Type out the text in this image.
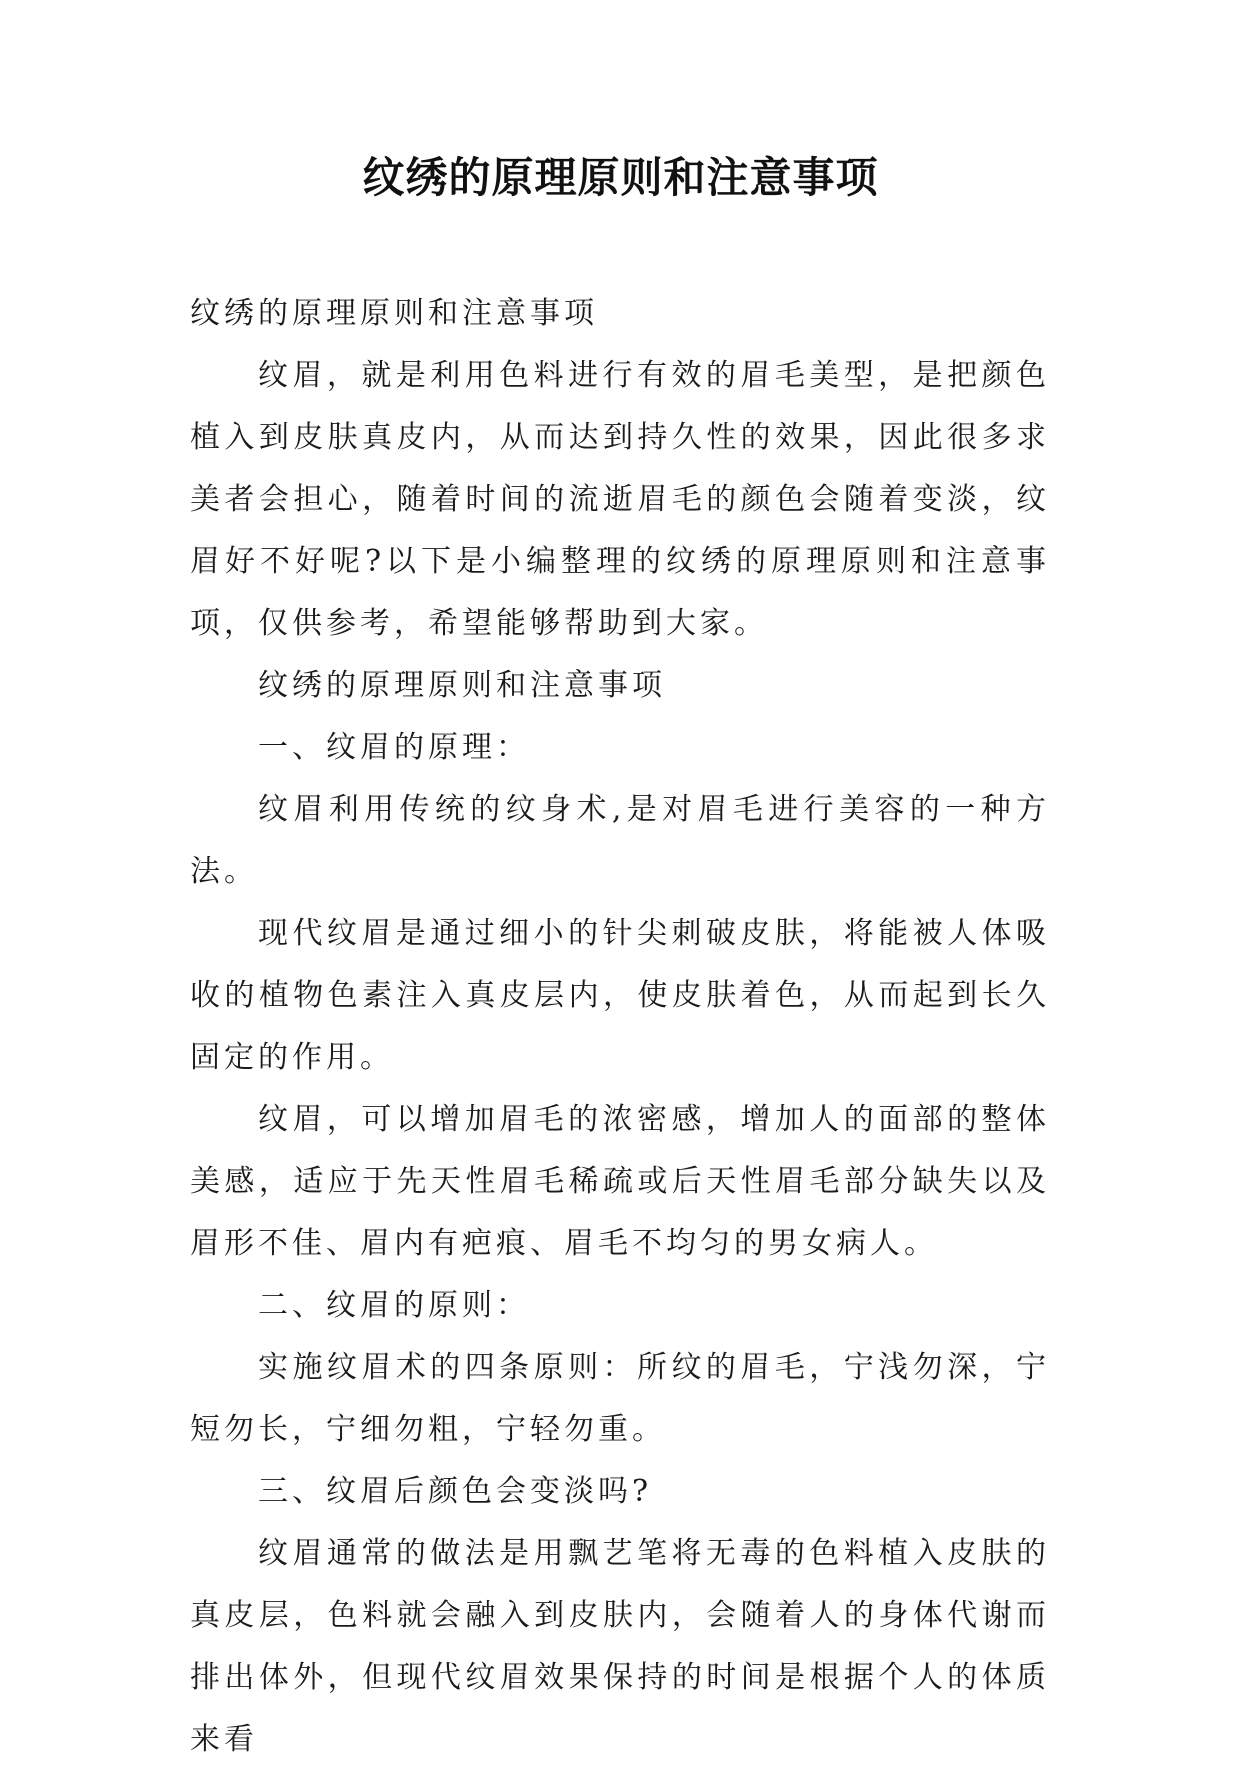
纹绣的原理原则和注意事项

纹绣的原理原则和注意事项

纹眉，就是利用色料进行有效的眉毛美型，是把颜色植入到皮肤真皮内，从而达到持久性的效果，因此很多求美者会担心，随着时间的流逝眉毛的颜色会随着变淡，纹眉好不好呢?以下是小编整理的纹绣的原理原则和注意事项，仅供参考，希望能够帮助到大家。

纹绣的原理原则和注意事项

一、纹眉的原理：

纹眉利用传统的纹身术,是对眉毛进行美容的一种方法。

现代纹眉是通过细小的针尖刺破皮肤，将能被人体吸收的植物色素注入真皮层内，使皮肤着色，从而起到长久固定的作用。

纹眉，可以增加眉毛的浓密感，增加人的面部的整体美感，适应于先天性眉毛稀疏或后天性眉毛部分缺失以及眉形不佳、眉内有疤痕、眉毛不均匀的男女病人。

二、纹眉的原则：

实施纹眉术的四条原则：所纹的眉毛，宁浅勿深，宁短勿长，宁细勿粗，宁轻勿重。

三、纹眉后颜色会变淡吗?

纹眉通常的做法是用飘艺笔将无毒的色料植入皮肤的真皮层，色料就会融入到皮肤内，会随着人的身体代谢而排出体外，但现代纹眉效果保持的时间是根据个人的体质来看
